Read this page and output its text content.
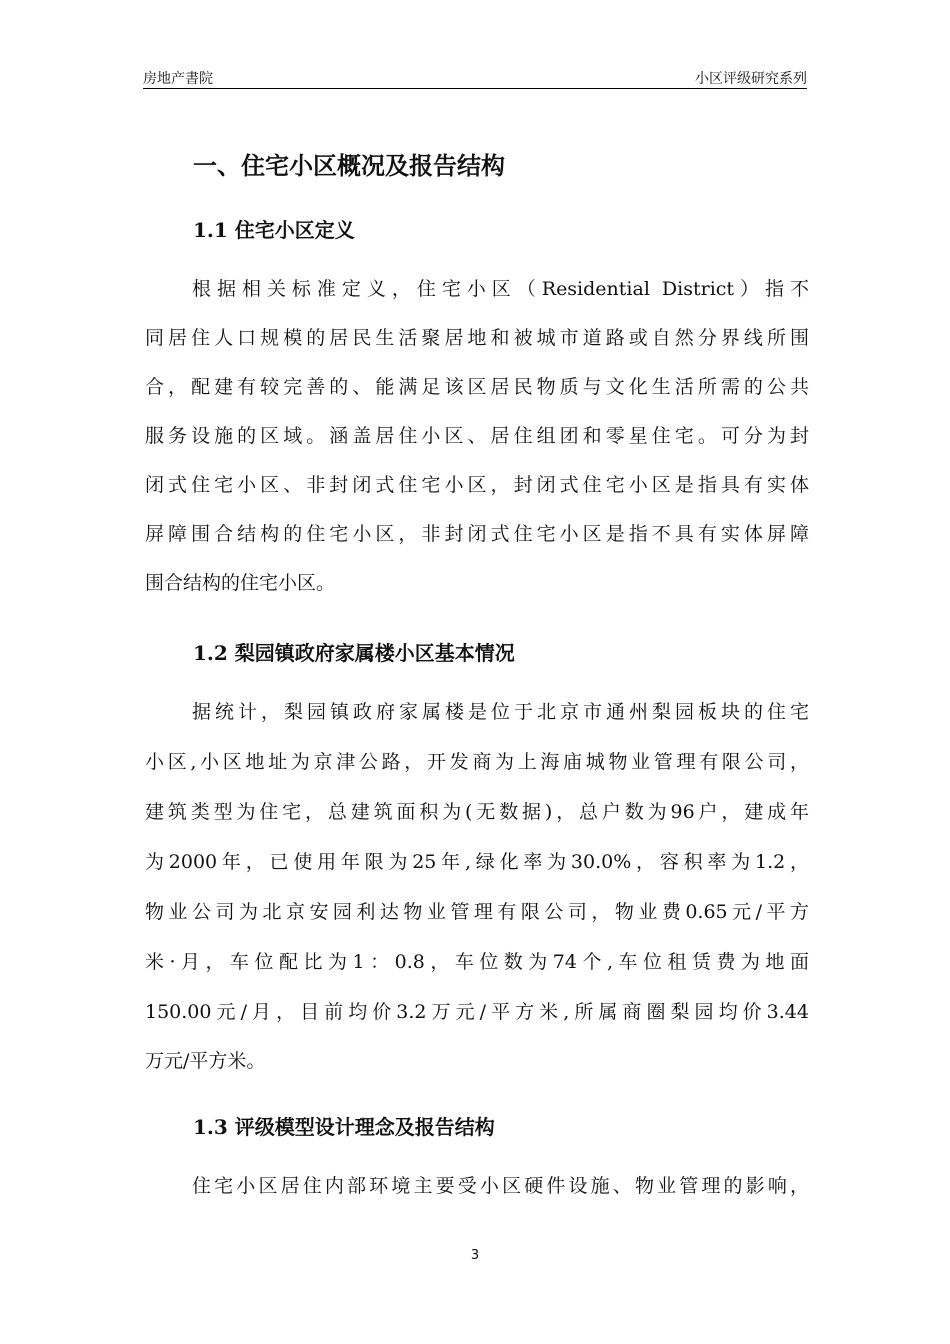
房地产書院	小区评级研究系列
一、住宅小区概况及报告结构
1.1 住宅小区定义
根据相关标准定义，住宅小区（Residential District）指不
同居住人口规模的居民生活聚居地和被城市道路或自然分界线所围
合，配建有较完善的、能满足该区居民物质与文化生活所需的公共
服务设施的区域。涵盖居住小区、居住组团和零星住宅。可分为封
闭式住宅小区、非封闭式住宅小区，封闭式住宅小区是指具有实体
屏障围合结构的住宅小区，非封闭式住宅小区是指不具有实体屏障
围合结构的住宅小区。
1.2 梨园镇政府家属楼小区基本情况
据统计，梨园镇政府家属楼是位于北京市通州梨园板块的住宅
小区,小区地址为京津公路，开发商为上海庙城物业管理有限公司，
建筑类型为住宅，总建筑面积为(无数据)，总户数为96户，建成年
为2000年，已使用年限为25年,绿化率为30.0%，容积率为1.2，
物业公司为北京安园利达物业管理有限公司，物业费0.65元/平方
米·月，车位配比为1：0.8，车位数为74个,车位租赁费为地面
150.00元/月，目前均价3.2万元/平方米,所属商圈梨园均价3.44
万元/平方米。
1.3 评级模型设计理念及报告结构
住宅小区居住内部环境主要受小区硬件设施、物业管理的影响，
3
